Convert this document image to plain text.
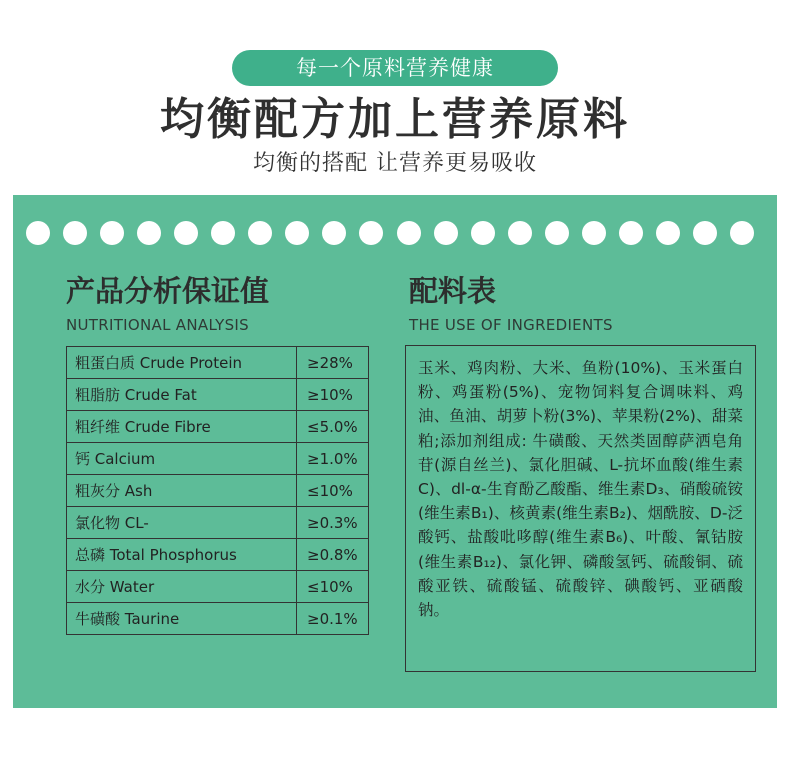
每一个原料营养健康
均衡配方加上营养原料
均衡的搭配 让营养更易吸收
产品分析保证值
NUTRITIONAL ANALYSIS
粗蛋白质 Crude Protein	≥28%
粗脂肪 Crude Fat	≥10%
粗纤维 Crude Fibre	≤5.0%
钙 Calcium	≥1.0%
粗灰分 Ash	≤10%
氯化物 CL-	≥0.3%
总磷 Total Phosphorus	≥0.8%
水分 Water	≤10%
牛磺酸 Taurine	≥0.1%
配料表
THE USE OF INGREDIENTS
玉米、鸡肉粉、大米、鱼粉(10%)、玉米蛋白粉、鸡蛋粉(5%)、宠物饲料复合调味料、鸡油、鱼油、胡萝卜粉(3%)、苹果粉(2%)、甜菜粕;添加剂组成: 牛磺酸、天然类固醇萨洒皂角苷(源自丝兰)、氯化胆碱、L-抗坏血酸(维生素C)、dl-α-生育酚乙酸酯、维生素D₃、硝酸硫铵(维生素B₁)、核黄素(维生素B₂)、烟酰胺、D-泛酸钙、盐酸吡哆醇(维生素B₆)、叶酸、氰钴胺(维生素B₁₂)、氯化钾、磷酸氢钙、硫酸铜、硫酸亚铁、硫酸锰、硫酸锌、碘酸钙、亚硒酸钠。
